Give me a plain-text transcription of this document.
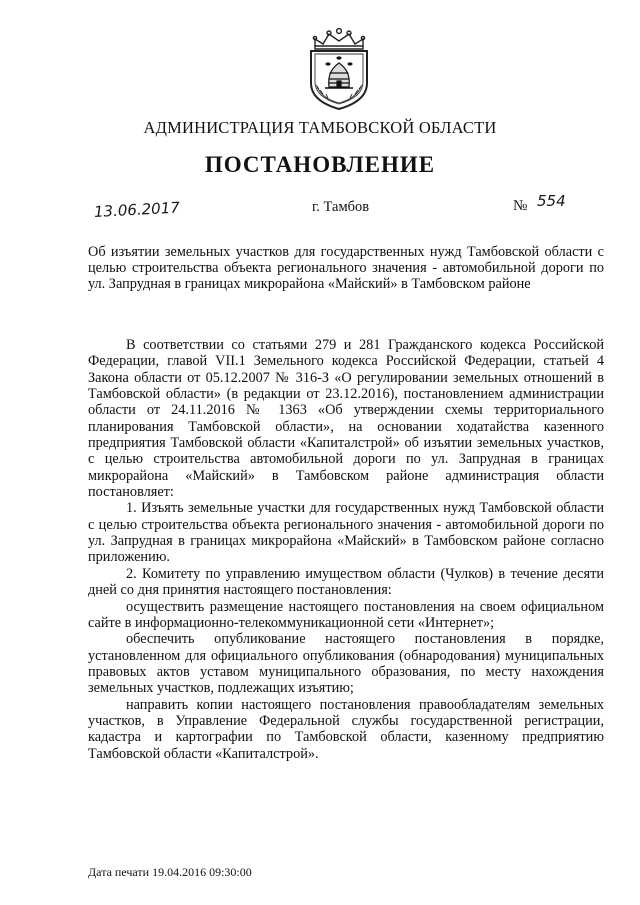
АДМИНИСТРАЦИЯ ТАМБОВСКОЙ ОБЛАСТИ
ПОСТАНОВЛЕНИЕ
13.06.2017	г. Тамбов	№ 554
Об изъятии земельных участков для государственных нужд Тамбовской области с целью строительства объекта регионального значения - автомобильной дороги по ул. Запрудная в границах микрорайона «Майский» в Тамбовском районе

В соответствии со статьями 279 и 281 Гражданского кодекса Российской Федерации, главой VII.1 Земельного кодекса Российской Федерации, статьей 4 Закона области от 05.12.2007 № 316-З «О регулировании земельных отношений в Тамбовской области» (в редакции от 23.12.2016), постановлением администрации области от 24.11.2016 № 1363 «Об утверждении схемы территориального планирования Тамбовской области», на основании ходатайства казенного предприятия Тамбовской области «Капиталстрой» об изъятии земельных участков, с целью строительства автомобильной дороги по ул. Запрудная в границах микрорайона «Майский» в Тамбовском районе администрация области постановляет:

1. Изъять земельные участки для государственных нужд Тамбовской области с целью строительства объекта регионального значения - автомобильной дороги по ул. Запрудная в границах микрорайона «Майский» в Тамбовском районе согласно приложению.

2. Комитету по управлению имуществом области (Чулков) в течение десяти дней со дня принятия настоящего постановления:

осуществить размещение настоящего постановления на своем официальном сайте в информационно-телекоммуникационной сети «Интернет»;

обеспечить опубликование настоящего постановления в порядке, установленном для официального опубликования (обнародования) муниципальных правовых актов уставом муниципального образования, по месту нахождения земельных участков, подлежащих изъятию;

направить копии настоящего постановления правообладателям земельных участков, в Управление Федеральной службы государственной регистрации, кадастра и картографии по Тамбовской области, казенному предприятию Тамбовской области «Капиталстрой».

Дата печати 19.04.2016 09:30:00
